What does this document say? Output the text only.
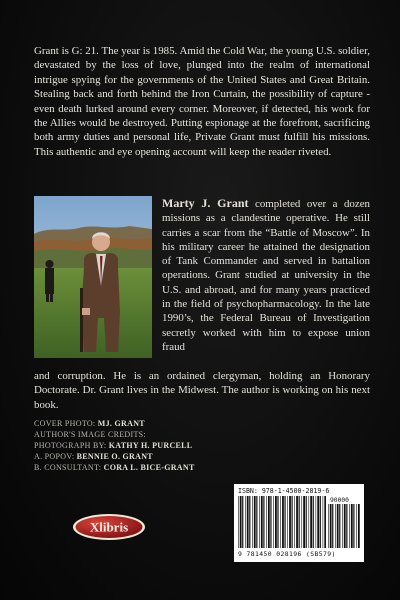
Grant is G: 21. The year is 1985. Amid the Cold War, the young U.S. soldier, devastated by the loss of love, plunged into the realm of international intrigue spying for the governments of the United States and Great Britain. Stealing back and forth behind the Iron Curtain, the possibility of capture - even death lurked around every corner. Moreover, if detected, his work for the Allies would be destroyed. Putting espionage at the forefront, sacrificing both army duties and personal life, Private Grant must fulfill his missions. This authentic and eye opening account will keep the reader riveted.

Marty J. Grant completed over a dozen missions as a clandestine operative. He still carries a scar from the “Battle of Moscow”. In his military career he attained the designation of Tank Commander and served in battalion operations. Grant studied at university in the U.S. and abroad, and for many years practiced in the field of psychopharmacology. In the late 1990’s, the Federal Bureau of Investigation secretly worked with him to expose union fraud

and corruption. He is an ordained clergyman, holding an Honorary Doctorate. Dr. Grant lives in the Midwest. The author is working on his next book.

COVER PHOTO: MJ. GRANT
AUTHOR'S IMAGE CREDITS:
PHOTOGRAPH BY: KATHY H. PURCELL
A. POPOV: BENNIE O. GRANT
B. CONSULTANT: CORA L. BICE-GRANT
Xlibris
ISBN: 978-1-4500-2819-6
90000
9 781450 028196 (SB579)
